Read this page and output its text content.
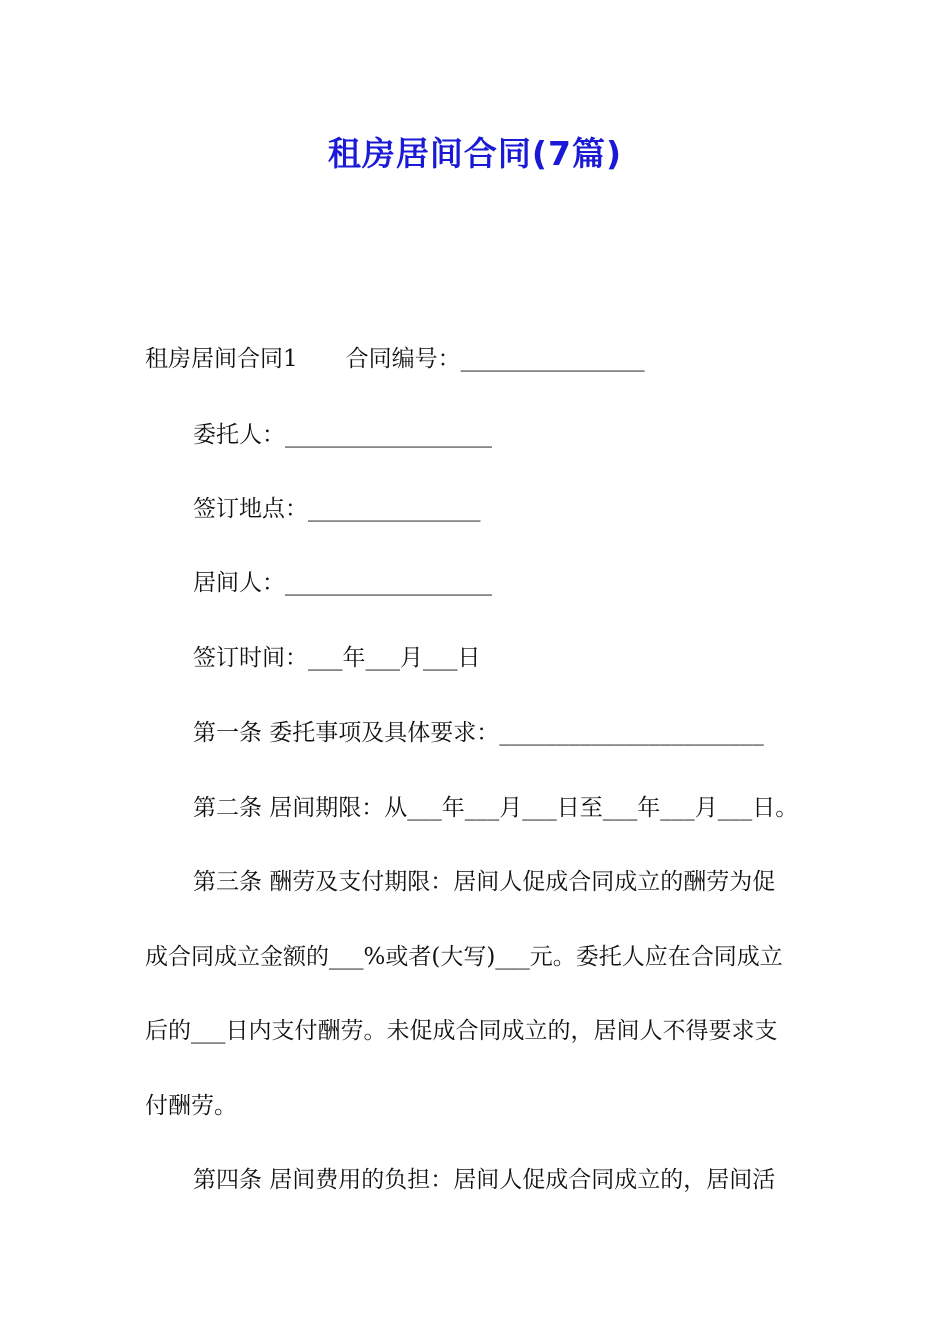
租房居间合同(7篇)
租房居间合同1 合同编号：________________
委托人：__________________
签订地点：_______________
居间人：__________________
签订时间：___年___月___日
第一条 委托事项及具体要求：_______________________
第二条 居间期限：从___年___月___日至___年___月___日。
第三条 酬劳及支付期限：居间人促成合同成立的酬劳为促
成合同成立金额的___%或者(大写)___元。委托人应在合同成立
后的___日内支付酬劳。未促成合同成立的，居间人不得要求支
付酬劳。
第四条 居间费用的负担：居间人促成合同成立的，居间活
